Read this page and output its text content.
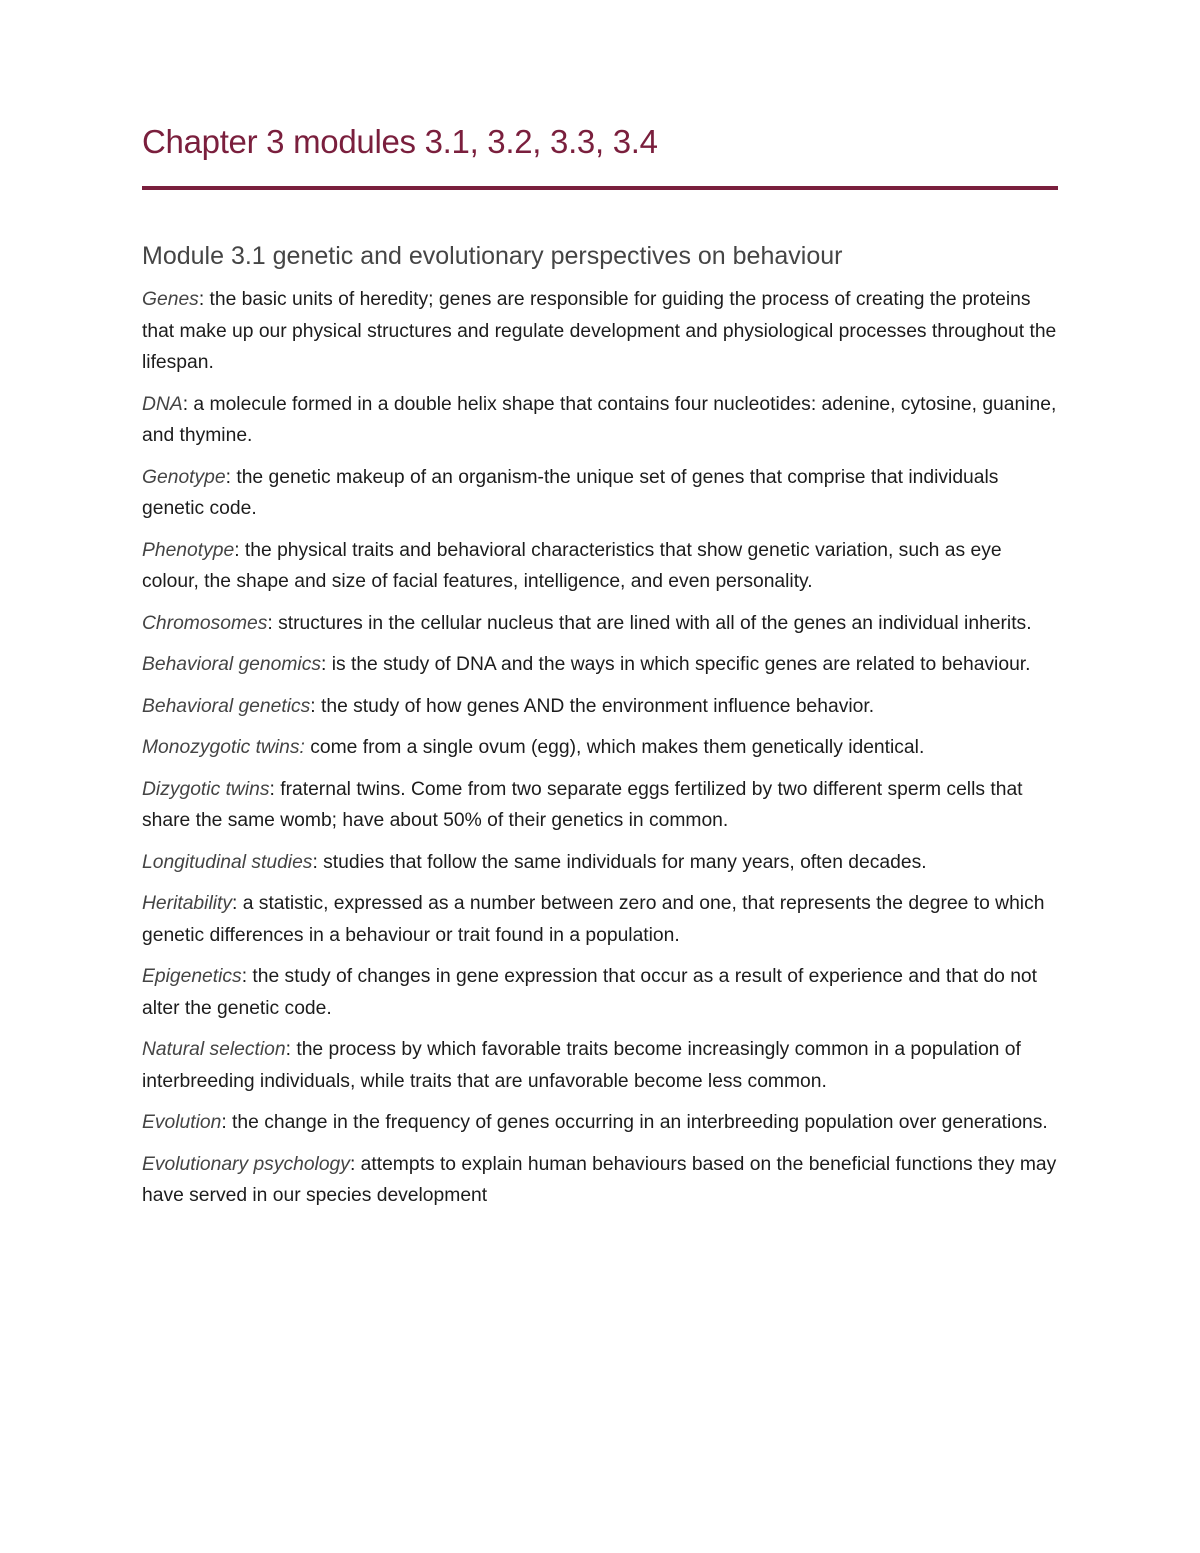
Chapter 3 modules 3.1, 3.2, 3.3, 3.4
Module 3.1 genetic and evolutionary perspectives on behaviour

Genes: the basic units of heredity; genes are responsible for guiding the process of creating the proteins that make up our physical structures and regulate development and physiological processes throughout the lifespan.

DNA: a molecule formed in a double helix shape that contains four nucleotides: adenine, cytosine, guanine, and thymine.

Genotype: the genetic makeup of an organism-the unique set of genes that comprise that individuals genetic code.

Phenotype: the physical traits and behavioral characteristics that show genetic variation, such as eye colour, the shape and size of facial features, intelligence, and even personality.

Chromosomes: structures in the cellular nucleus that are lined with all of the genes an individual inherits.

Behavioral genomics: is the study of DNA and the ways in which specific genes are related to behaviour.

Behavioral genetics: the study of how genes AND the environment influence behavior.

Monozygotic twins: come from a single ovum (egg), which makes them genetically identical.

Dizygotic twins: fraternal twins. Come from two separate eggs fertilized by two different sperm cells that share the same womb; have about 50% of their genetics in common.

Longitudinal studies: studies that follow the same individuals for many years, often decades.

Heritability: a statistic, expressed as a number between zero and one, that represents the degree to which genetic differences in a behaviour or trait found in a population.

Epigenetics: the study of changes in gene expression that occur as a result of experience and that do not alter the genetic code.

Natural selection: the process by which favorable traits become increasingly common in a population of interbreeding individuals, while traits that are unfavorable become less common.

Evolution: the change in the frequency of genes occurring in an interbreeding population over generations.

Evolutionary psychology: attempts to explain human behaviours based on the beneficial functions they may have served in our species development
